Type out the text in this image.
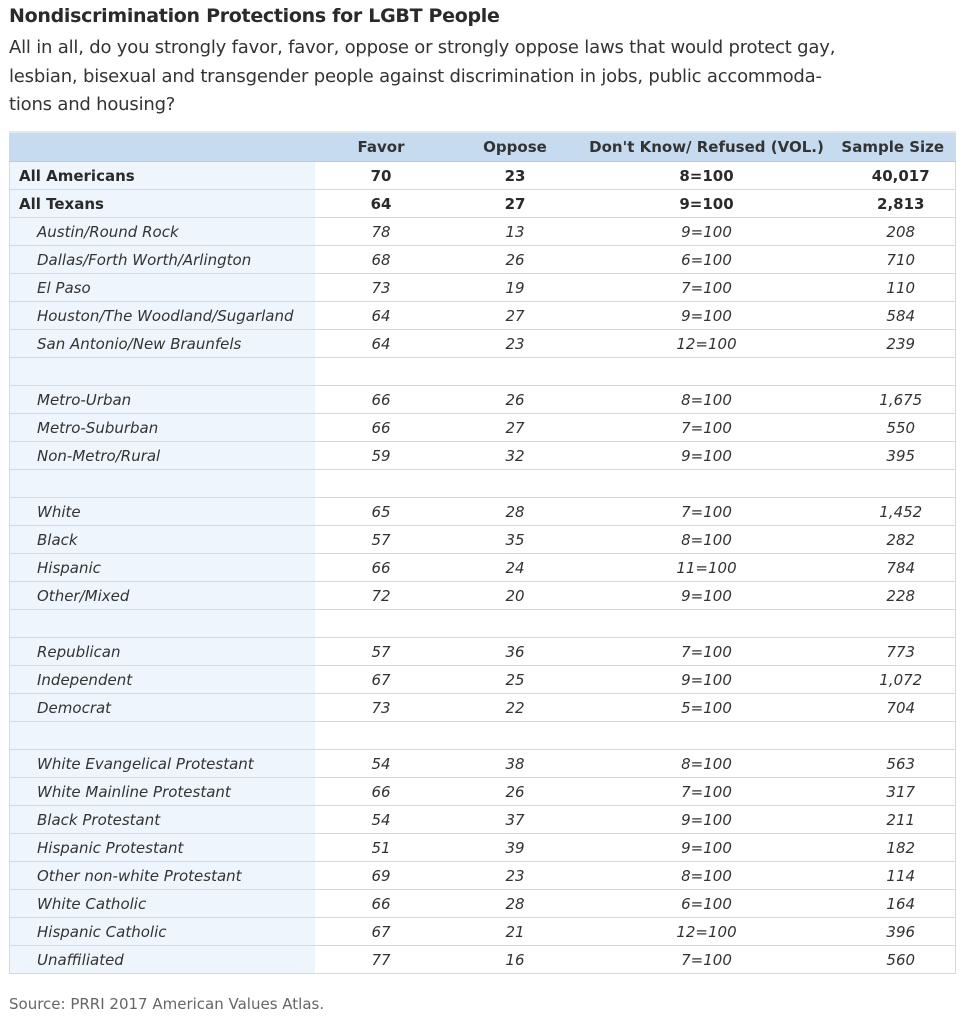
Nondiscrimination Protections for LGBT People
All in all, do you strongly favor, favor, oppose or strongly oppose laws that would protect gay,
lesbian, bisexual and transgender people against discrimination in jobs, public accommoda-
tions and housing?
	Favor	Oppose	Don't Know/ Refused (VOL.)	Sample Size
All Americans	70	23	8=100	40,017
All Texans	64	27	9=100	2,813
Austin/Round Rock	78	13	9=100	208
Dallas/Forth Worth/Arlington	68	26	6=100	710
El Paso	73	19	7=100	110
Houston/The Woodland/Sugarland	64	27	9=100	584
San Antonio/New Braunfels	64	23	12=100	239

Metro-Urban	66	26	8=100	1,675
Metro-Suburban	66	27	7=100	550
Non-Metro/Rural	59	32	9=100	395

White	65	28	7=100	1,452
Black	57	35	8=100	282
Hispanic	66	24	11=100	784
Other/Mixed	72	20	9=100	228

Republican	57	36	7=100	773
Independent	67	25	9=100	1,072
Democrat	73	22	5=100	704

White Evangelical Protestant	54	38	8=100	563
White Mainline Protestant	66	26	7=100	317
Black Protestant	54	37	9=100	211
Hispanic Protestant	51	39	9=100	182
Other non-white Protestant	69	23	8=100	114
White Catholic	66	28	6=100	164
Hispanic Catholic	67	21	12=100	396
Unaffiliated	77	16	7=100	560
Source: PRRI 2017 American Values Atlas.
